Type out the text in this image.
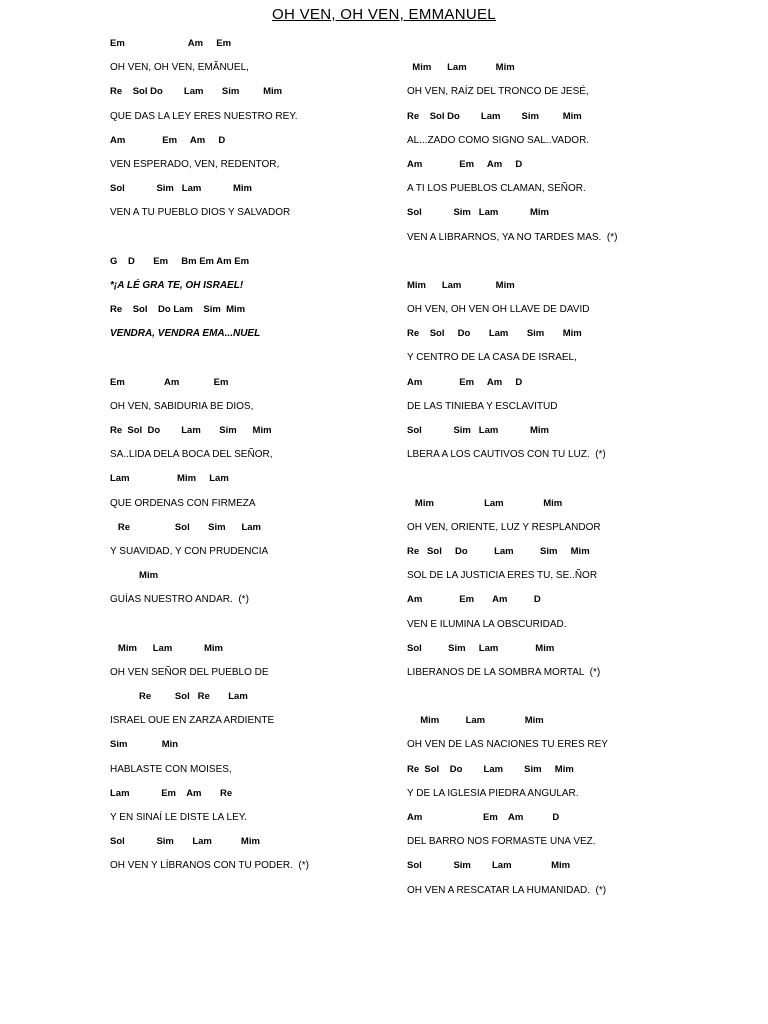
OH VEN, OH VEN, EMMANUEL
Em                        Am     Em
OH VEN, OH VEN, EMÃNUEL,
Re    Sol Do        Lam       Sim         Mim
QUE DAS LA LEY ERES NUESTRO REY.
Am              Em     Am     D
VEN ESPERADO, VEN, REDENTOR,
Sol            Sim   Lam            Mim
VEN A TU PUEBLO DIOS Y SALVADOR
G    D       Em     Bm Em Am Em
*¡A LÉ GRA TE, OH ISRAEL!
Re    Sol    Do Lam    Sim  Mim
VENDRA, VENDRA EMA...NUEL
Em               Am             Em
OH VEN, SABIDURIA BE DIOS,
Re  Sol  Do        Lam       Sim      Mim
SA..LIDA DELA BOCA DEL SEÑOR,
Lam                  Mim     Lam
QUE ORDENAS CON FIRMEZA
Re                 Sol       Sim      Lam
Y SUAVIDAD, Y CON PRUDENCIA
Mim
GUÍAS NUESTRO ANDAR.  (*)
Mim      Lam            Mim
OH VEN SEÑOR DEL PUEBLO DE
Re         Sol   Re       Lam
ISRAEL OUE EN ZARZA ARDIENTE
Sim             Min
HABLASTE CON MOISES,
Lam            Em    Am       Re
Y EN SINAÍ LE DISTE LA LEY.
Sol            Sim       Lam           Mim
OH VEN Y LÍBRANOS CON TU PODER.  (*)
Mim      Lam           Mim
OH VEN, RAÍZ DEL TRONCO DE JESÉ,
Re    Sol Do        Lam        Sim         Mim
AL...ZADO COMO SIGNO SAL..VADOR.
Am              Em     Am     D
A TI LOS PUEBLOS CLAMAN, SEÑOR.
Sol            Sim   Lam            Mim
VEN A LIBRARNOS, YA NO TARDES MAS.  (*)
Mim      Lam             Mim
OH VEN, OH VEN OH LLAVE DE DAVID
Re    Sol     Do       Lam       Sim       Mim
Y CENTRO DE LA CASA DE ISRAEL,
Am              Em     Am     D
DE LAS TINIEBA Y ESCLAVITUD
Sol            Sim   Lam            Mim
LBERA A LOS CAUTIVOS CON TU LUZ.  (*)
Mim                   Lam               Mim
OH VEN, ORIENTE, LUZ Y RESPLANDOR
Re   Sol     Do          Lam          Sim     Mim
SOL DE LA JUSTICIA ERES TU, SE..ÑOR
Am              Em       Am          D
VEN E ILUMINA LA OBSCURIDAD.
Sol          Sim     Lam              Mim
LIBERANOS DE LA SOMBRA MORTAL  (*)
Mim          Lam               Mim
OH VEN DE LAS NACIONES TU ERES REY
Re  Sol    Do        Lam        Sim     Mim
Y DE LA IGLESIA PIEDRA ANGULAR.
Am                       Em    Am           D
DEL BARRO NOS FORMASTE UNA VEZ.
Sol            Sim        Lam               Mim
OH VEN A RESCATAR LA HUMANIDAD.  (*)
